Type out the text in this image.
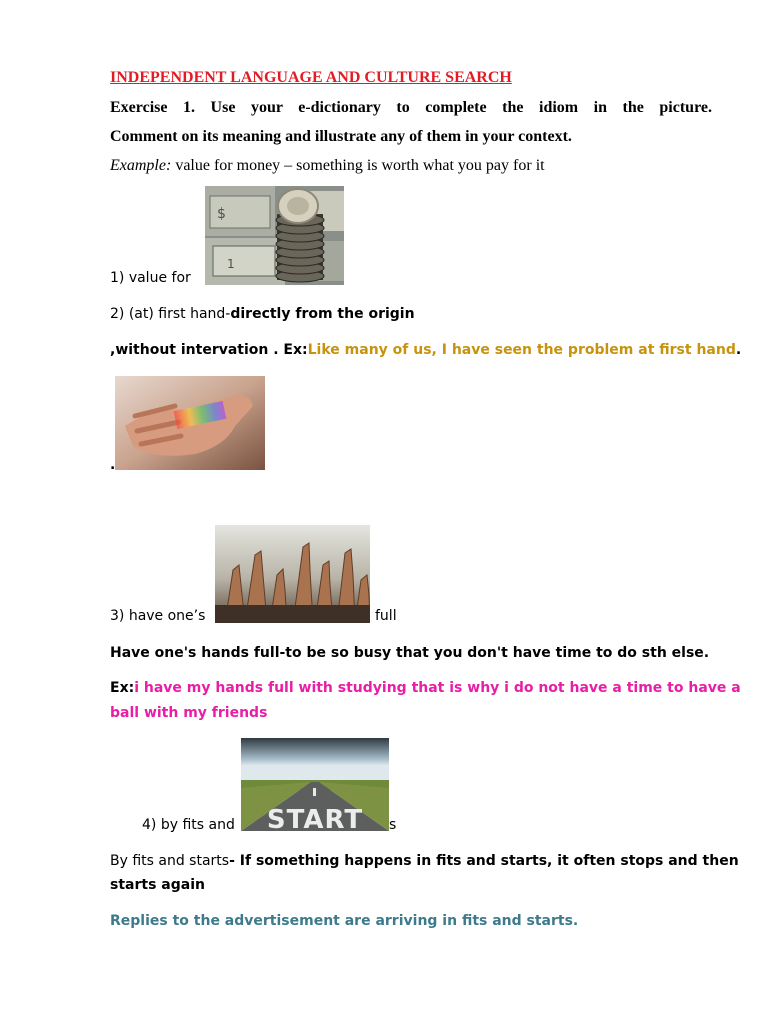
INDEPENDENT LANGUAGE AND CULTURE SEARCH
Exercise 1. Use your e-dictionary to complete the idiom in the picture.
Comment on its meaning and illustrate any of them in your context.
Example: value for money – something is worth what you pay for it
$
1
1) value for
2) (at) first hand-directly from the origin
,without intervation . Ex:Like many of us, I have seen the problem at first hand.
.
3) have one’s	full
Have one's hands full-to be so busy that you don't have time to do sth else.
Ex:i have my hands full with studying that is why i do not have a time to have a
ball with my friends
START
4) by fits and	s
By fits and starts- If something happens in fits and starts, it often stops and then
starts again
Replies to the advertisement are arriving in fits and starts.
